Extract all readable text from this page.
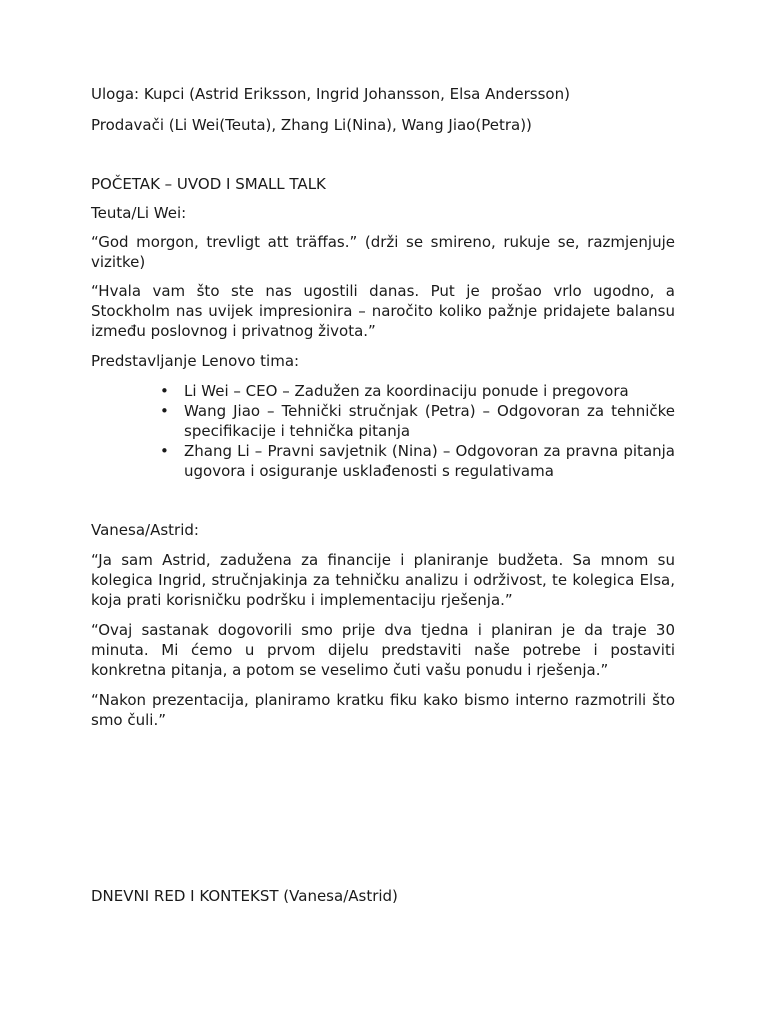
Uloga: Kupci (Astrid Eriksson, Ingrid Johansson, Elsa Andersson)

Prodavači (Li Wei(Teuta), Zhang Li(Nina), Wang Jiao(Petra))

POČETAK – UVOD I SMALL TALK

Teuta/Li Wei:

“God morgon, trevligt att träffas.” (drži se smireno, rukuje se, razmjenjuje vizitke)

“Hvala vam što ste nas ugostili danas. Put je prošao vrlo ugodno, a Stockholm nas uvijek impresionira – naročito koliko pažnje pridajete balansu između poslovnog i privatnog života.”

Predstavljanje Lenovo tima:

• Li Wei – CEO – Zadužen za koordinaciju ponude i pregovora
• Wang Jiao – Tehnički stručnjak (Petra) – Odgovoran za tehničke specifikacije i tehnička pitanja
• Zhang Li – Pravni savjetnik (Nina) – Odgovoran za pravna pitanja ugovora i osiguranje usklađenosti s regulativama

Vanesa/Astrid:

“Ja sam Astrid, zadužena za financije i planiranje budžeta. Sa mnom su kolegica Ingrid, stručnjakinja za tehničku analizu i održivost, te kolegica Elsa, koja prati korisničku podršku i implementaciju rješenja.”

“Ovaj sastanak dogovorili smo prije dva tjedna i planiran je da traje 30 minuta. Mi ćemo u prvom dijelu predstaviti naše potrebe i postaviti konkretna pitanja, a potom se veselimo čuti vašu ponudu i rješenja.”

“Nakon prezentacija, planiramo kratku fiku kako bismo interno razmotrili što smo čuli.”

DNEVNI RED I KONTEKST (Vanesa/Astrid)
